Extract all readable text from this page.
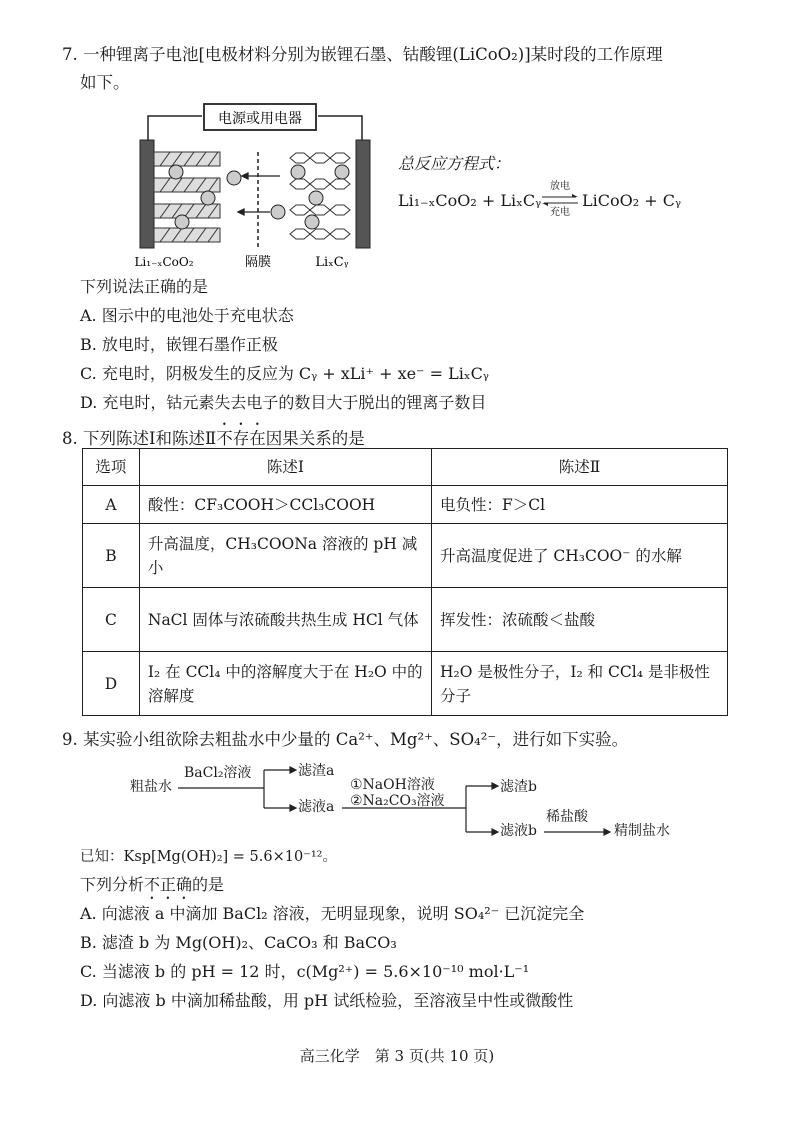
7. 一种锂离子电池[电极材料分别为嵌锂石墨、钴酸锂(LiCoO₂)]某时段的工作原理
如下。
电源或用电器
Li₁₋ₓCoO₂	隔膜	LiₓCᵧ
总反应方程式：
Li₁₋ₓCoO₂ + LiₓCᵧ
放电
充电
LiCoO₂ + Cᵧ
下列说法正确的是
A. 图示中的电池处于充电状态
B. 放电时，嵌锂石墨作正极
C. 充电时，阴极发生的反应为 Cᵧ + xLi⁺ + xe⁻ = LiₓCᵧ
D. 充电时，钴元素失去电子的数目大于脱出的锂离子数目
8. 下列陈述Ⅰ和陈述Ⅱ不存在因果关系的是
选项	陈述Ⅰ	陈述Ⅱ
A	酸性：CF₃COOH＞CCl₃COOH	电负性：F＞Cl
B	升高温度，CH₃COONa 溶液的 pH 减小	升高温度促进了 CH₃COO⁻ 的水解
C	NaCl 固体与浓硫酸共热生成 HCl 气体	挥发性：浓硫酸＜盐酸
D	I₂ 在 CCl₄ 中的溶解度大于在 H₂O 中的溶解度	H₂O 是极性分子，I₂ 和 CCl₄ 是非极性分子
9. 某实验小组欲除去粗盐水中少量的 Ca²⁺、Mg²⁺、SO₄²⁻，进行如下实验。
粗盐水
BaCl₂溶液	滤渣a
滤液a
①NaOH溶液
②Na₂CO₃溶液
滤渣b
滤液b
稀盐酸
精制盐水
已知：Ksp[Mg(OH)₂] = 5.6×10⁻¹²。
下列分析不正确的是
A. 向滤液 a 中滴加 BaCl₂ 溶液，无明显现象，说明 SO₄²⁻ 已沉淀完全
B. 滤渣 b 为 Mg(OH)₂、CaCO₃ 和 BaCO₃
C. 当滤液 b 的 pH = 12 时，c(Mg²⁺) = 5.6×10⁻¹⁰ mol·L⁻¹
D. 向滤液 b 中滴加稀盐酸，用 pH 试纸检验，至溶液呈中性或微酸性
高三化学　第 3 页(共 10 页)
